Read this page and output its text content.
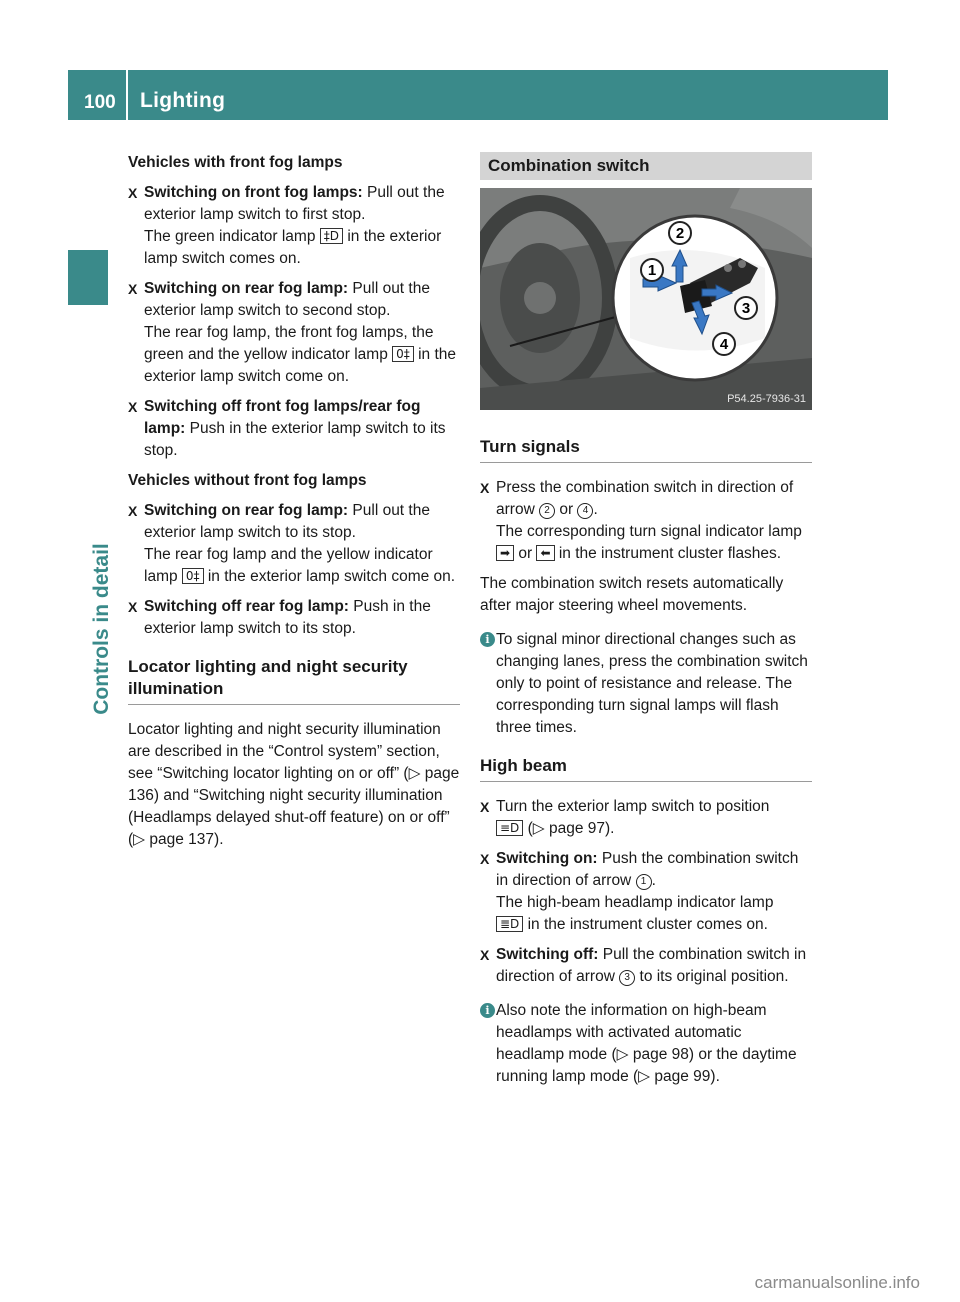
100 Lighting
Controls in detail
Vehicles with front fog lamps
X Switching on front fog lamps: Pull out the exterior lamp switch to first stop.
The green indicator lamp ‡D in the exterior lamp switch comes on.
X Switching on rear fog lamp: Pull out the exterior lamp switch to second stop.
The rear fog lamp, the front fog lamps, the green and the yellow indicator lamp 0‡ in the exterior lamp switch come on.
X Switching off front fog lamps/rear fog lamp: Push in the exterior lamp switch to its stop.
Vehicles without front fog lamps
X Switching on rear fog lamp: Pull out the exterior lamp switch to its stop.
The rear fog lamp and the yellow indicator lamp 0‡ in the exterior lamp switch come on.
X Switching off rear fog lamp: Push in the exterior lamp switch to its stop.
Locator lighting and night security illumination

Locator lighting and night security illumination are described in the “Control system” section, see “Switching locator lighting on or off” (▷ page 136) and “Switching night security illumination (Headlamps delayed shut-off feature) on or off” (▷ page 137).

Combination switch
2
1
3
4
P54.25-7936-31
Turn signals
X Press the combination switch in direction of arrow 2 or 4 .
The corresponding turn signal indicator lamp ➡ or ⬅ in the instrument cluster flashes.

The combination switch resets automatically after major steering wheel movements.

i To signal minor directional changes such as changing lanes, press the combination switch only to point of resistance and release. The corresponding turn signal lamps will flash three times.
High beam
X Turn the exterior lamp switch to position
≡D (▷ page 97).
X Switching on: Push the combination switch in direction of arrow 1 .
The high-beam headlamp indicator lamp
≣D in the instrument cluster comes on.
X Switching off: Pull the combination switch in direction of arrow 3 to its original position.
i Also note the information on high-beam headlamps with activated automatic headlamp mode (▷ page 98) or the daytime running lamp mode (▷ page 99).
carmanualsonline.info
